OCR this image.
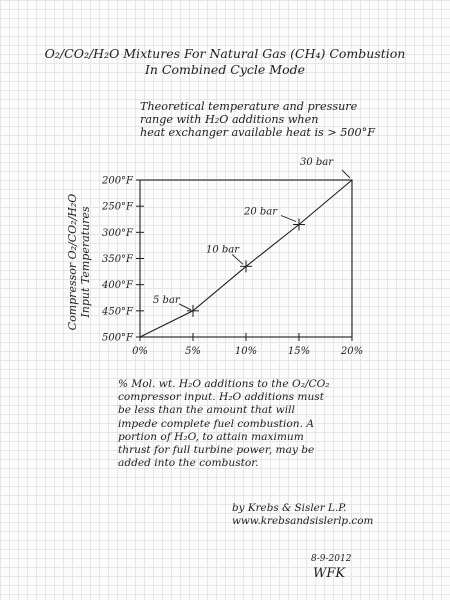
O₂/CO₂/H₂O Mixtures For Natural Gas (CH₄) Combustion
In Combined Cycle Mode
Theoretical temperature and pressure
range with H₂O additions when
heat exchanger available heat is > 500°F
200°F
250°F
300°F
350°F
400°F
450°F
500°F
0%	5%	10%	15%	20%
5 bar
10 bar
20 bar
30 bar
Compressor O₂/CO₂/H₂O Input Temperatures
% Mol. wt. H₂O additions to the O₂/CO₂
compressor input. H₂O additions must
be less than the amount that will
impede complete fuel combustion. A
portion of H₂O, to attain maximum
thrust for full turbine power, may be
added into the combustor.
by Krebs & Sisler L.P.
www.krebsandsislerlp.com
8-9-2012
WFK
